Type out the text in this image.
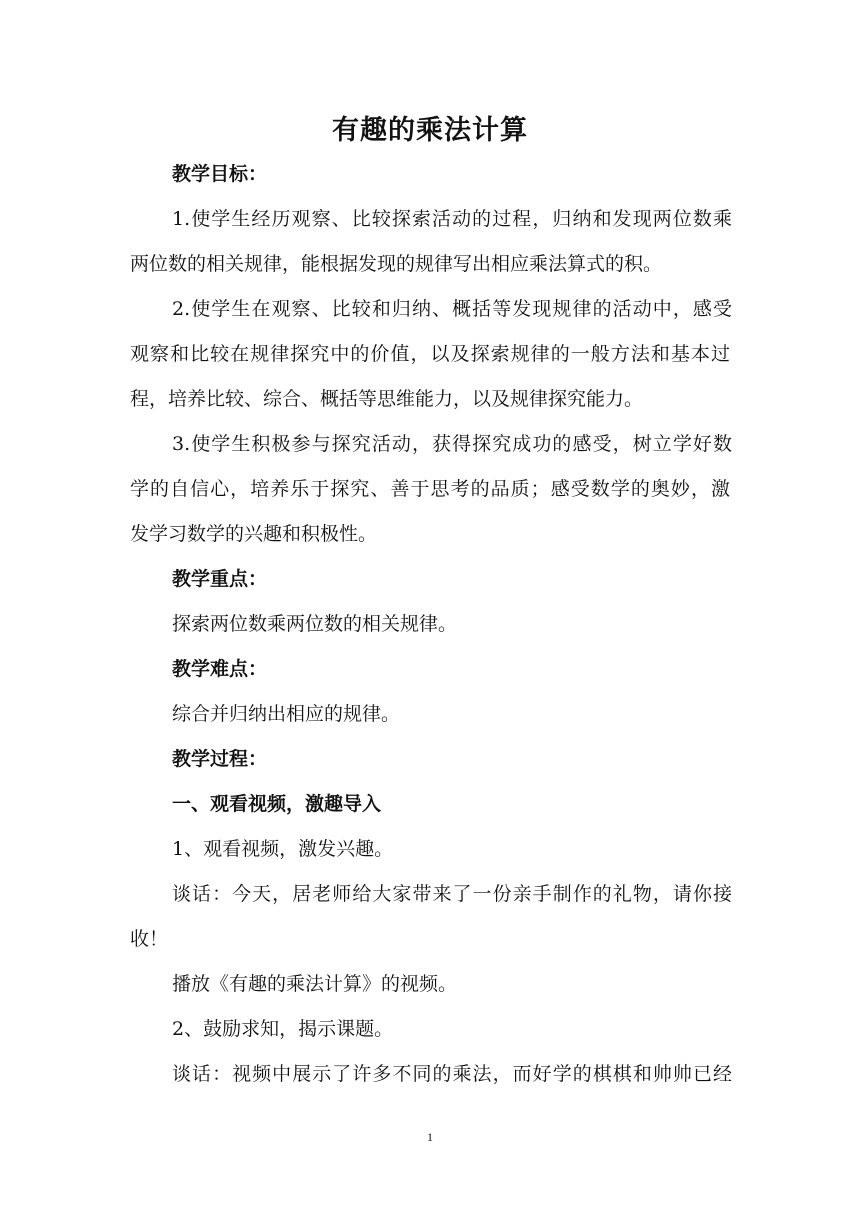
有趣的乘法计算
教学目标：
1.使学生经历观察、比较探索活动的过程，归纳和发现两位数乘
两位数的相关规律，能根据发现的规律写出相应乘法算式的积。
2.使学生在观察、比较和归纳、概括等发现规律的活动中，感受
观察和比较在规律探究中的价值，以及探索规律的一般方法和基本过
程，培养比较、综合、概括等思维能力，以及规律探究能力。
3.使学生积极参与探究活动，获得探究成功的感受，树立学好数
学的自信心，培养乐于探究、善于思考的品质；感受数学的奥妙，激
发学习数学的兴趣和积极性。
教学重点：
探索两位数乘两位数的相关规律。
教学难点：
综合并归纳出相应的规律。
教学过程：
一、观看视频，激趣导入
1、观看视频，激发兴趣。
谈话：今天，居老师给大家带来了一份亲手制作的礼物，请你接
收！
播放《有趣的乘法计算》的视频。
2、鼓励求知，揭示课题。
谈话：视频中展示了许多不同的乘法，而好学的棋棋和帅帅已经
1
